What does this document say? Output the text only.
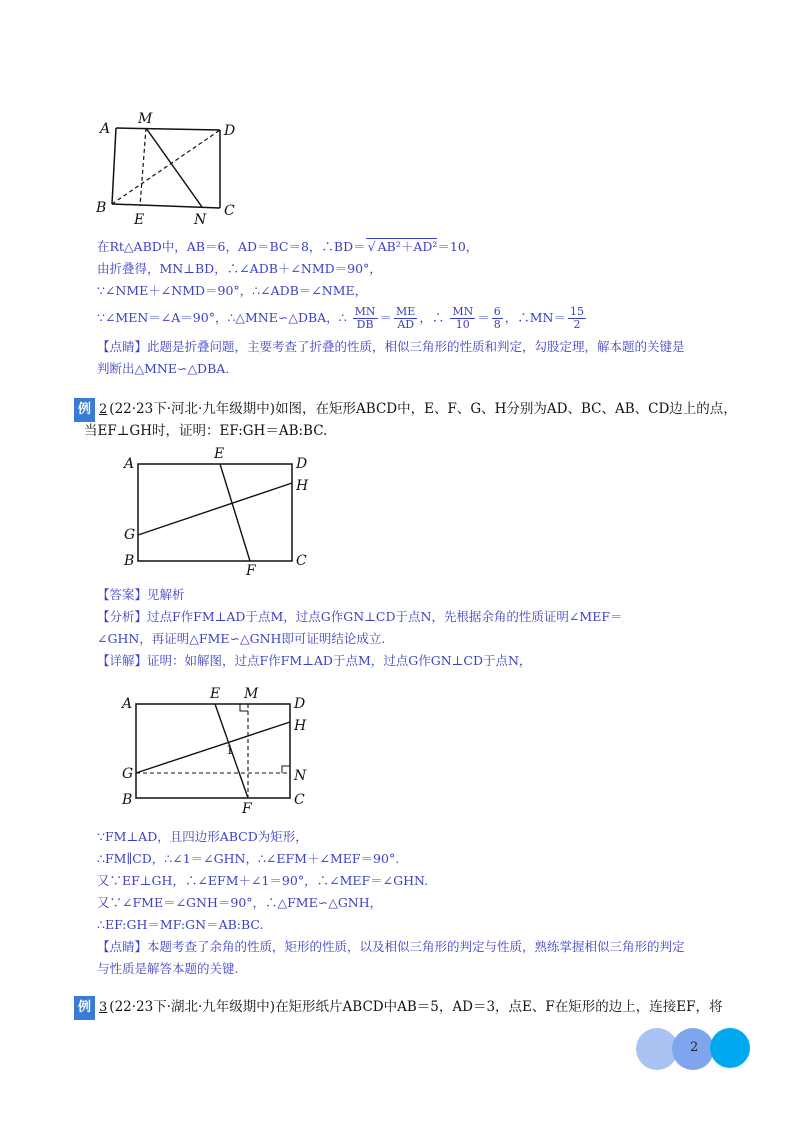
A
M
D
B
E	N
C
在Rt△ABD中，AB＝6，AD＝BC＝8，∴BD＝ √ AB²＋AD²＝10，
由折叠得，MN⊥BD，∴∠ADB＋∠NMD＝90°，
∵∠NME＋∠NMD＝90°，∴∠ADB＝∠NME，
∵∠MEN＝∠A＝90°，∴△MNE∽△DBA，∴ $\frac{MN}{DB} = \frac{ME}{AD}$ ，∴ $\frac{MN}{10} = \frac{6}{8}$ ，∴MN＝ $\frac{15}{2}$
【点睛】此题是折叠问题，主要考查了折叠的性质，相似三角形的性质和判定，勾股定理，解本题的关键是
判断出△MNE∽△DBA.
例 2 (22·23下·河北·九年级期中)如图，在矩形ABCD中，E、F、G、H分别为AD、BC、AB、CD边上的点，
当EF⊥GH时，证明：EF:GH＝AB:BC.
A
E
D
H
G
B
F
C
【答案】见解析
【分析】过点F作FM⊥AD于点M，过点G作GN⊥CD于点N，先根据余角的性质证明∠MEF＝
∠GHN，再证明△FME∽△GNH即可证明结论成立.
【详解】证明：如解图，过点F作FM⊥AD于点M，过点G作GN⊥CD于点N，
A
E M
D
H
1
G	N
B
F
C
∵FM⊥AD，且四边形ABCD为矩形，
∴FM∥CD，∴∠1＝∠GHN，∴∠EFM＋∠MEF＝90°.
又∵EF⊥GH，∴∠EFM＋∠1＝90°，∴∠MEF＝∠GHN.
又∵∠FME＝∠GNH＝90°，∴△FME∽△GNH，
∴EF:GH＝MF:GN＝AB:BC.
【点睛】本题考查了余角的性质，矩形的性质，以及相似三角形的判定与性质，熟练掌握相似三角形的判定
与性质是解答本题的关键.
例 3 (22·23下·湖北·九年级期中)在矩形纸片ABCD中AB＝5，AD＝3，点E、F在矩形的边上，连接EF，将
2
